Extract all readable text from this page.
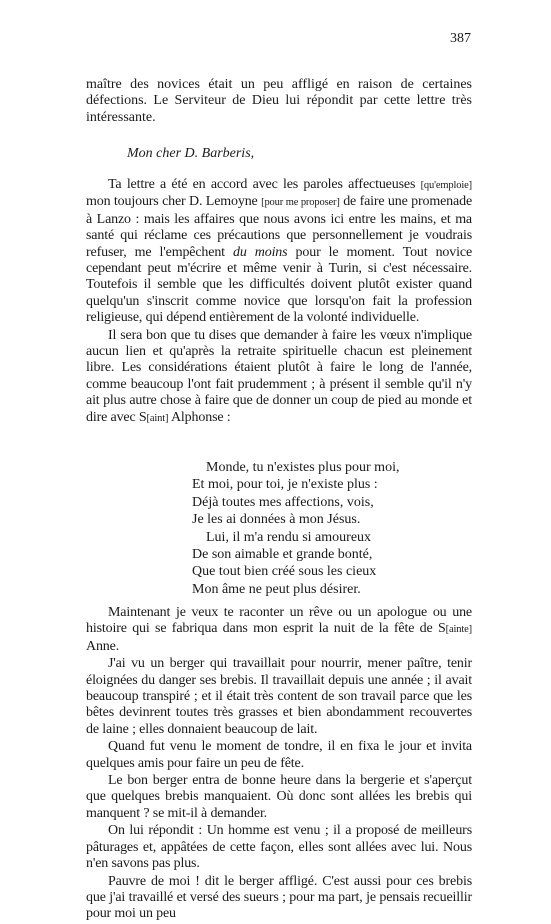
387

maître des novices était un peu affligé en raison de certaines défections. Le Serviteur de Dieu lui répondit par cette lettre très intéressante.

Mon cher D. Barberis,

Ta lettre a été en accord avec les paroles affectueuses [qu'emploie] mon toujours cher D. Lemoyne [pour me proposer] de faire une promenade à Lanzo : mais les affaires que nous avons ici entre les mains, et ma santé qui réclame ces précautions que personnellement je voudrais refuser, me l'empêchent du moins pour le moment. Tout novice cependant peut m'écrire et même venir à Turin, si c'est nécessaire. Toutefois il semble que les difficultés doivent plutôt exister quand quelqu'un s'inscrit comme novice que lorsqu'on fait la profession religieuse, qui dépend entièrement de la volonté individuelle.

Il sera bon que tu dises que demander à faire les vœux n'implique aucun lien et qu'après la retraite spirituelle chacun est pleinement libre. Les considérations étaient plutôt à faire le long de l'année, comme beaucoup l'ont fait prudemment ; à présent il semble qu'il n'y ait plus autre chose à faire que de donner un coup de pied au monde et dire avec S[aint] Alphonse :

Monde, tu n'existes plus pour moi,
Et moi, pour toi, je n'existe plus :
Déjà toutes mes affections, vois,
Je les ai données à mon Jésus.
Lui, il m'a rendu si amoureux
De son aimable et grande bonté,
Que tout bien créé sous les cieux
Mon âme ne peut plus désirer.

Maintenant je veux te raconter un rêve ou un apologue ou une histoire qui se fabriqua dans mon esprit la nuit de la fête de S[ainte] Anne.

J'ai vu un berger qui travaillait pour nourrir, mener paître, tenir éloignées du danger ses brebis. Il travaillait depuis une année ; il avait beaucoup transpiré ; et il était très content de son travail parce que les bêtes devinrent toutes très grasses et bien abondamment recouvertes de laine ; elles donnaient beaucoup de lait.

Quand fut venu le moment de tondre, il en fixa le jour et invita quelques amis pour faire un peu de fête.

Le bon berger entra de bonne heure dans la bergerie et s'aperçut que quelques brebis manquaient. Où donc sont allées les brebis qui manquent ? se mit-il à demander.

On lui répondit : Un homme est venu ; il a proposé de meilleurs pâturages et, appâtées de cette façon, elles sont allées avec lui. Nous n'en savons pas plus.

Pauvre de moi ! dit le berger affligé. C'est aussi pour ces brebis que j'ai travaillé et versé des sueurs ; pour ma part, je pensais recueillir pour moi un peu
